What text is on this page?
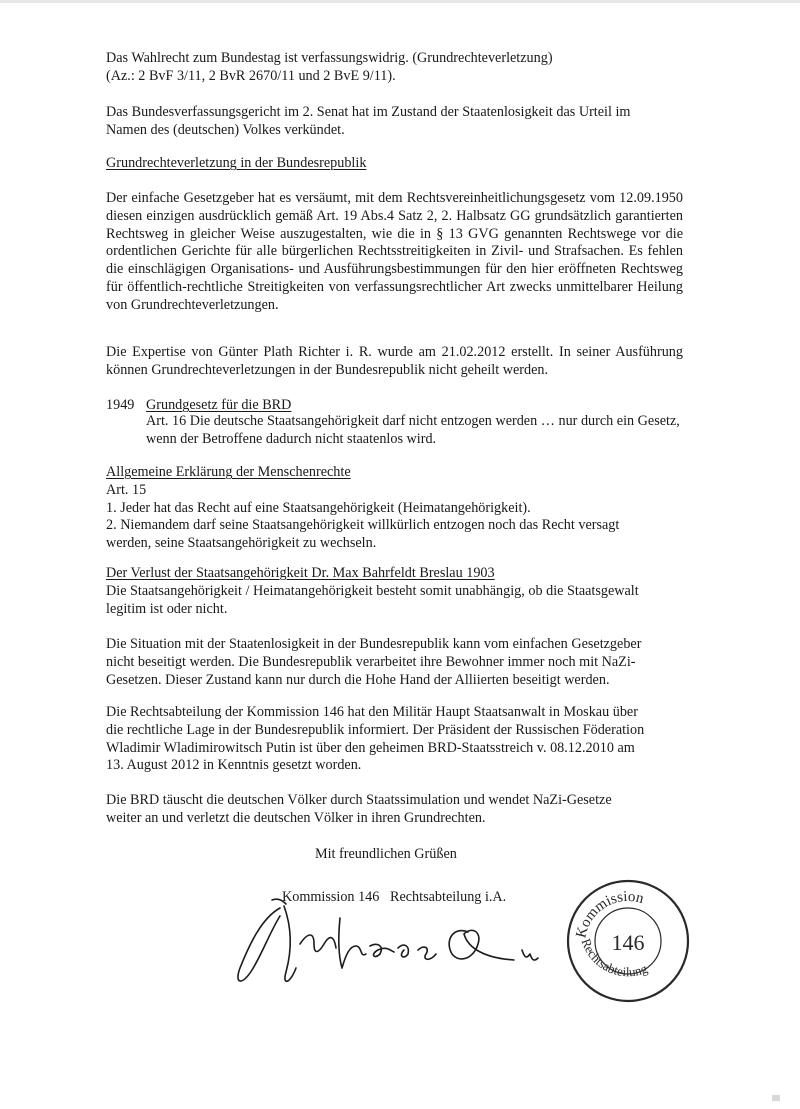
Das Wahlrecht zum Bundestag ist verfassungswidrig. (Grundrechteverletzung)
(Az.: 2 BvF 3/11, 2 BvR 2670/11 und 2 BvE 9/11).

Das Bundesverfassungsgericht im 2. Senat hat im Zustand der Staatenlosigkeit das Urteil im
Namen des (deutschen) Volkes verkündet.

Grundrechteverletzung in der Bundesrepublik

Der einfache Gesetzgeber hat es versäumt, mit dem Rechtsvereinheitlichungsgesetz vom 12.09.1950 diesen einzigen ausdrücklich gemäß Art. 19 Abs.4 Satz 2, 2. Halbsatz GG grundsätzlich garantierten Rechtsweg in gleicher Weise auszugestalten, wie die in § 13 GVG genannten Rechtswege vor die ordentlichen Gerichte für alle bürgerlichen Rechtsstreitigkeiten in Zivil- und Strafsachen. Es fehlen die einschlägigen Organisations- und Ausführungsbestimmungen für den hier eröffneten Rechtsweg für öffentlich-rechtliche Streitigkeiten von verfassungsrechtlicher Art zwecks unmittelbarer Heilung von Grundrechteverletzungen.

Die Expertise von Günter Plath Richter i. R. wurde am 21.02.2012 erstellt. In seiner Ausführung können Grundrechteverletzungen in der Bundesrepublik nicht geheilt werden.

1949 Grundgesetz für die BRD

Art. 16 Die deutsche Staatsangehörigkeit darf nicht entzogen werden … nur durch ein Gesetz, wenn der Betroffene dadurch nicht staatenlos wird.

Allgemeine Erklärung der Menschenrechte
Art. 15
1. Jeder hat das Recht auf eine Staatsangehörigkeit (Heimatangehörigkeit).
2. Niemandem darf seine Staatsangehörigkeit willkürlich entzogen noch das Recht versagt
werden, seine Staatsangehörigkeit zu wechseln.

Der Verlust der Staatsangehörigkeit Dr. Max Bahrfeldt Breslau 1903
Die Staatsangehörigkeit / Heimatangehörigkeit besteht somit unabhängig, ob die Staatsgewalt
legitim ist oder nicht.

Die Situation mit der Staatenlosigkeit in der Bundesrepublik kann vom einfachen Gesetzgeber
nicht beseitigt werden. Die Bundesrepublik verarbeitet ihre Bewohner immer noch mit NaZi-
Gesetzen. Dieser Zustand kann nur durch die Hohe Hand der Alliierten beseitigt werden.

Die Rechtsabteilung der Kommission 146 hat den Militär Haupt Staatsanwalt in Moskau über
die rechtliche Lage in der Bundesrepublik informiert. Der Präsident der Russischen Föderation
Wladimir Wladimirowitsch Putin ist über den geheimen BRD-Staatsstreich v. 08.12.2010 am
13. August 2012 in Kenntnis gesetzt worden.

Die BRD täuscht die deutschen Völker durch Staatssimulation und wendet NaZi-Gesetze
weiter an und verletzt die deutschen Völker in ihren Grundrechten.

Mit freundlichen Grüßen

Kommission 146   Rechtsabteilung i.A.

Kommission
Rechtsabteilung
146
